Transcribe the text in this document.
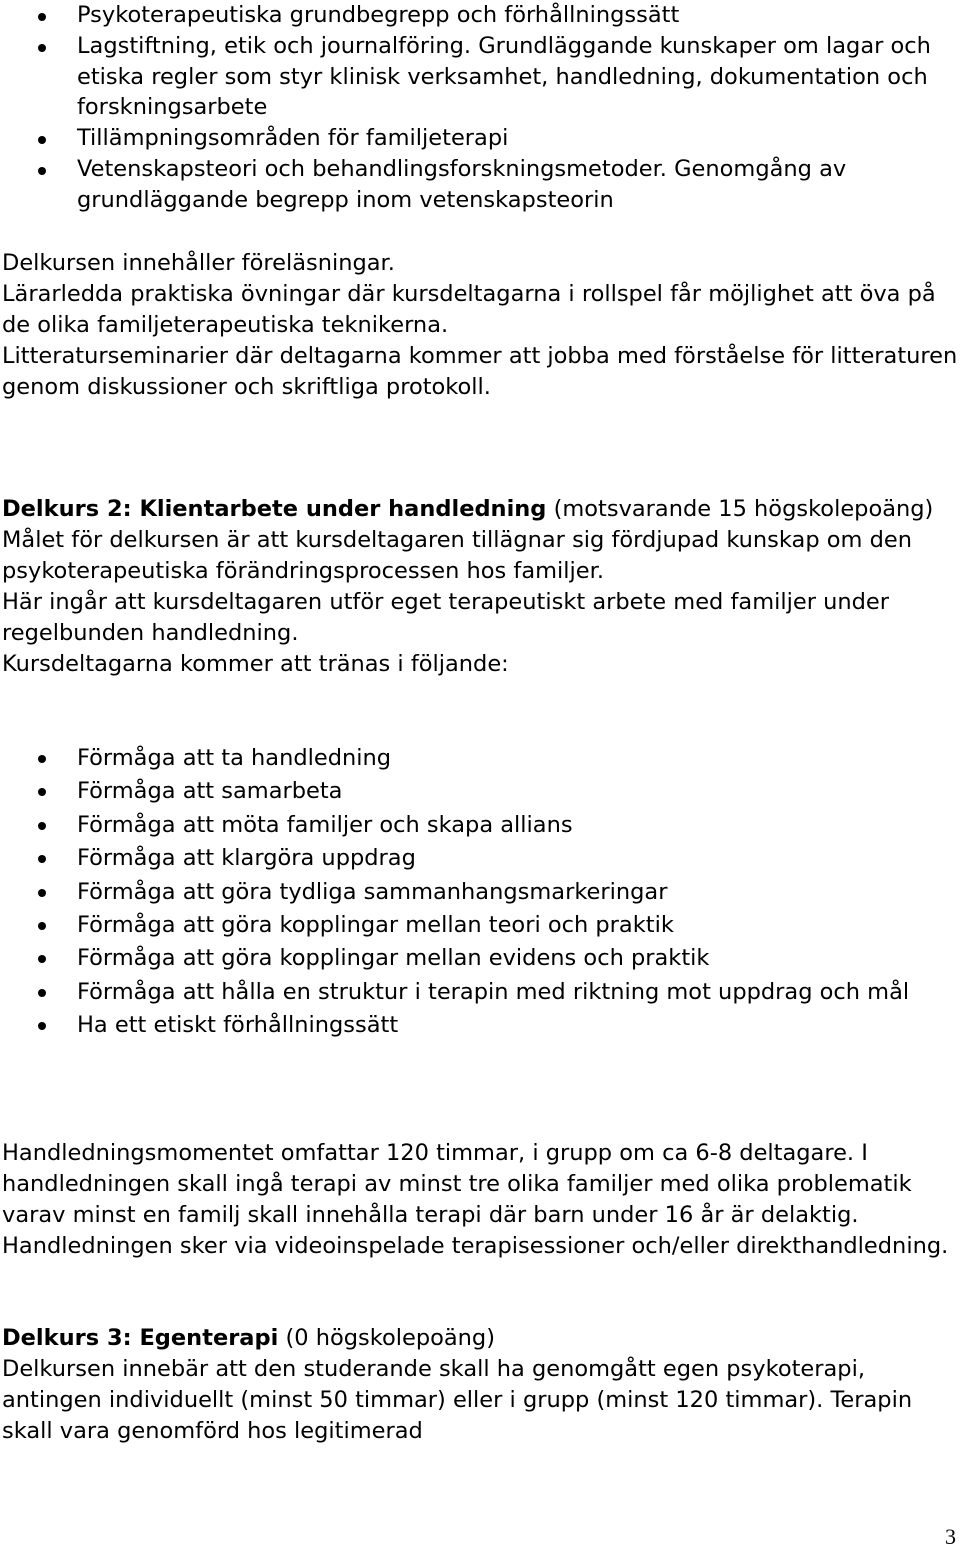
Psykoterapeutiska grundbegrepp och förhållningssätt
Lagstiftning, etik och journalföring. Grundläggande kunskaper om lagar och etiska regler som styr klinisk verksamhet, handledning, dokumentation och forskningsarbete
Tillämpningsområden för familjeterapi
Vetenskapsteori och behandlingsforskningsmetoder. Genomgång av grundläggande begrepp inom vetenskapsteorin
Delkursen innehåller föreläsningar.
Lärarledda praktiska övningar där kursdeltagarna i rollspel får möjlighet att öva på de olika familjeterapeutiska teknikerna.
Litteraturseminarier där deltagarna kommer att jobba med förståelse för litteraturen genom diskussioner och skriftliga protokoll.
Delkurs 2: Klientarbete under handledning (motsvarande 15 högskolepoäng)
Målet för delkursen är att kursdeltagaren tillägnar sig fördjupad kunskap om den psykoterapeutiska förändringsprocessen hos familjer.
Här ingår att kursdeltagaren utför eget terapeutiskt arbete med familjer under regelbunden handledning.
Kursdeltagarna kommer att tränas i följande:
Förmåga att ta handledning
Förmåga att samarbeta
Förmåga att möta familjer och skapa allians
Förmåga att klargöra uppdrag
Förmåga att göra tydliga sammanhangsmarkeringar
Förmåga att göra kopplingar mellan teori och praktik
Förmåga att göra kopplingar mellan evidens och praktik
Förmåga att hålla en struktur i terapin med riktning mot uppdrag och mål
Ha ett etiskt förhållningssätt

Handledningsmomentet omfattar 120 timmar, i grupp om ca 6-8 deltagare. I handledningen skall ingå terapi av minst tre olika familjer med olika problematik varav minst en familj skall innehålla terapi där barn under 16 år är delaktig. Handledningen sker via videoinspelade terapisessioner och/eller direkthandledning.

Delkurs 3: Egenterapi (0 högskolepoäng)
Delkursen innebär att den studerande skall ha genomgått egen psykoterapi, antingen individuellt (minst 50 timmar) eller i grupp (minst 120 timmar). Terapin skall vara genomförd hos legitimerad
3
